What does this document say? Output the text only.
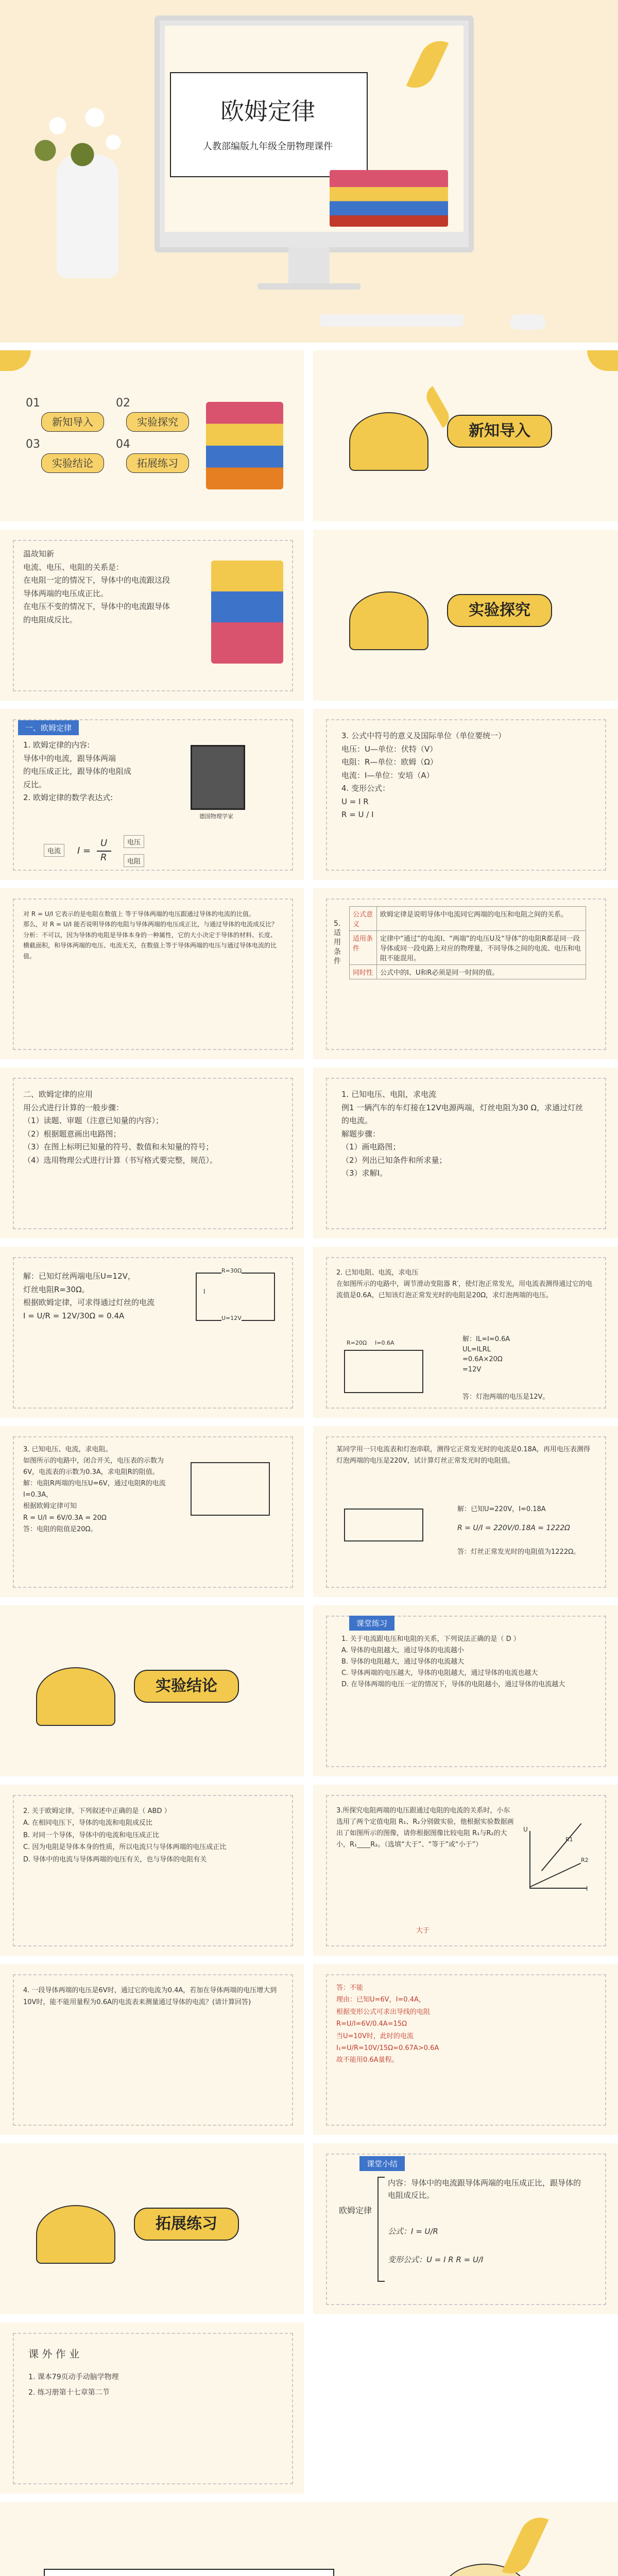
欧姆定律
人教部编版九年级全册物理课件
01
新知导入
02
实验探究
03
实验结论
04
拓展练习
新知导入
温故知新
电流、电压、电阻的关系是：
在电阻一定的情况下，导体中的电流跟这段
导体两端的电压成正比。
在电压不变的情况下，导体中的电流跟导体
的电阻成反比。
实验探究
一、欧姆定律
1. 欧姆定律的内容:
导体中的电流，跟导体两端
的电压成正比，跟导体的电阻成
反比。
2. 欧姆定律的数学表达式:
德国物理学家
I =
U
R
电流
电压
电阻
3. 公式中符号的意义及国际单位（单位要统一）
电压：U—单位：伏特（V）
电阻：R—单位：欧姆（Ω）
电流：I—单位：安培（A）
4. 变形公式：
U = I R
R = U / I
对 R = U/I 它表示的是电阻在数值上 等于导体两端的电压跟通过导体的电流的比值。
那么，对 R = U/I 能否说明导体的电阻与导体两端的电压成正比，与通过导体的电流成反比？
分析：不可以，因为导体的电阻是导体本身的一种属性，它的大小决定于导体的材料、长度、横截面积，和导体两端的电压、电流无关，在数值上等于导体两端的电压与通过导体电流的比值。
5. 适用条件
公式意义	欧姆定律是说明导体中电流同它两端的电压和电阻之间的关系。
适用条件	定律中“通过”的电流I、“两端”的电压U及“导体”的电阻R都是同一段导体或同一段电路上对应的物理量，不同导体之间的电流、电压和电阻不能混用。
同时性	公式中的I、U和R必须是同一时间的值。
二、欧姆定律的应用
用公式进行计算的一般步骤：
（1）读题、审题（注意已知量的内容）；
（2）根据题意画出电路图；
（3）在图上标明已知量的符号、数值和未知量的符号；
（4）选用物理公式进行计算（书写格式要完整，规范）。
1. 已知电压、电阻，求电流
例1 一辆汽车的车灯接在12V电源两端，灯丝电阻为30 Ω，求通过灯丝的电流。
解题步骤：
（1）画电路图；
（2）列出已知条件和所求量；
（3）求解I。
解：已知灯丝两端电压U=12V，
灯丝电阻R=30Ω。
根据欧姆定律，可求得通过灯丝的电流
I = U/R = 12V/30Ω = 0.4A
R=30Ω
I
U=12V
2. 已知电阻、电流，求电压
在如图所示的电路中，调节滑动变阻器 R′，使灯泡正常发光，用电流表测得通过它的电流值是0.6A，已知该灯泡正常发光时的电阻是20Ω，求灯泡两端的电压。
R=20Ω I=0.6A	解：IL=I=0.6A
UL=ILRL
=0.6A×20Ω
=12V
答：灯泡两端的电压是12V。
3. 已知电压、电流，求电阻。
如图所示的电路中，闭合开关，电压表的示数为6V，电流表的示数为0.3A，求电阻R的阻值。
解：电阻R两端的电压U=6V，通过电阻R的电流I=0.3A，
根据欧姆定律可知
R = U/I = 6V/0.3A = 20Ω
答：电阻的阻值是20Ω。
某同学用一只电流表和灯泡串联，测得它正常发光时的电流是0.18A，再用电压表测得灯泡两端的电压是220V，试计算灯丝正常发光时的电阻值。
解：已知U=220V，I=0.18A
R = U/I = 220V/0.18A ≈ 1222Ω
答：灯丝正常发光时的电阻值为1222Ω。
实验结论
课堂练习
1. 关于电流跟电压和电阻的关系，下列说法正确的是（ D ）
A. 导体的电阻越大，通过导体的电流越小
B. 导体的电阻越大，通过导体的电流越大
C. 导体两端的电压越大，导体的电阻越大，通过导体的电流也越大
D. 在导体两端的电压一定的情况下，导体的电阻越小，通过导体的电流越大
2. 关于欧姆定律，下列叙述中正确的是（ ABD ）
A. 在相同电压下，导体的电流和电阻成反比
B. 对同一个导体，导体中的电流和电压成正比
C. 因为电阻是导体本身的性质，所以电流只与导体两端的电压成正比
D. 导体中的电流与导体两端的电压有关，也与导体的电阻有关
3.所探究电阻两端的电压跟通过电阻的电流的关系时，小东选用了两个定值电阻 R₁、R₂分别做实验，他根据实验数据画出了如图所示的图像，请你根据图像比较电阻 R₁与R₂的大小，R₁____R₂。（选填“大于”、“等于”或“小于”）
大于
U
I
R1
R2
4. 一段导体两端的电压是6V时，通过它的电流为0.4A，若加在导体两端的电压增大到10V时，能不能用量程为0.6A的电流表来测量通过导体的电流？(请计算回答)
答：不能
理由：已知U=6V，I=0.4A，
根据变形公式可求出导线的电阻
R=U/I=6V/0.4A=15Ω
当U=10V时，此时的电流
I₁=U/R=10V/15Ω≈0.67A>0.6A
故不能用0.6A量程。
拓展练习
课堂小结
欧姆定律
内容：导体中的电流跟导体两端的电压成正比，跟导体的电阻成反比。
公式：I = U/R
变形公式：U = I R R = U/I
课 外 作 业
1. 课本79页动手动脑学物理
2. 练习册第十七章第二节
